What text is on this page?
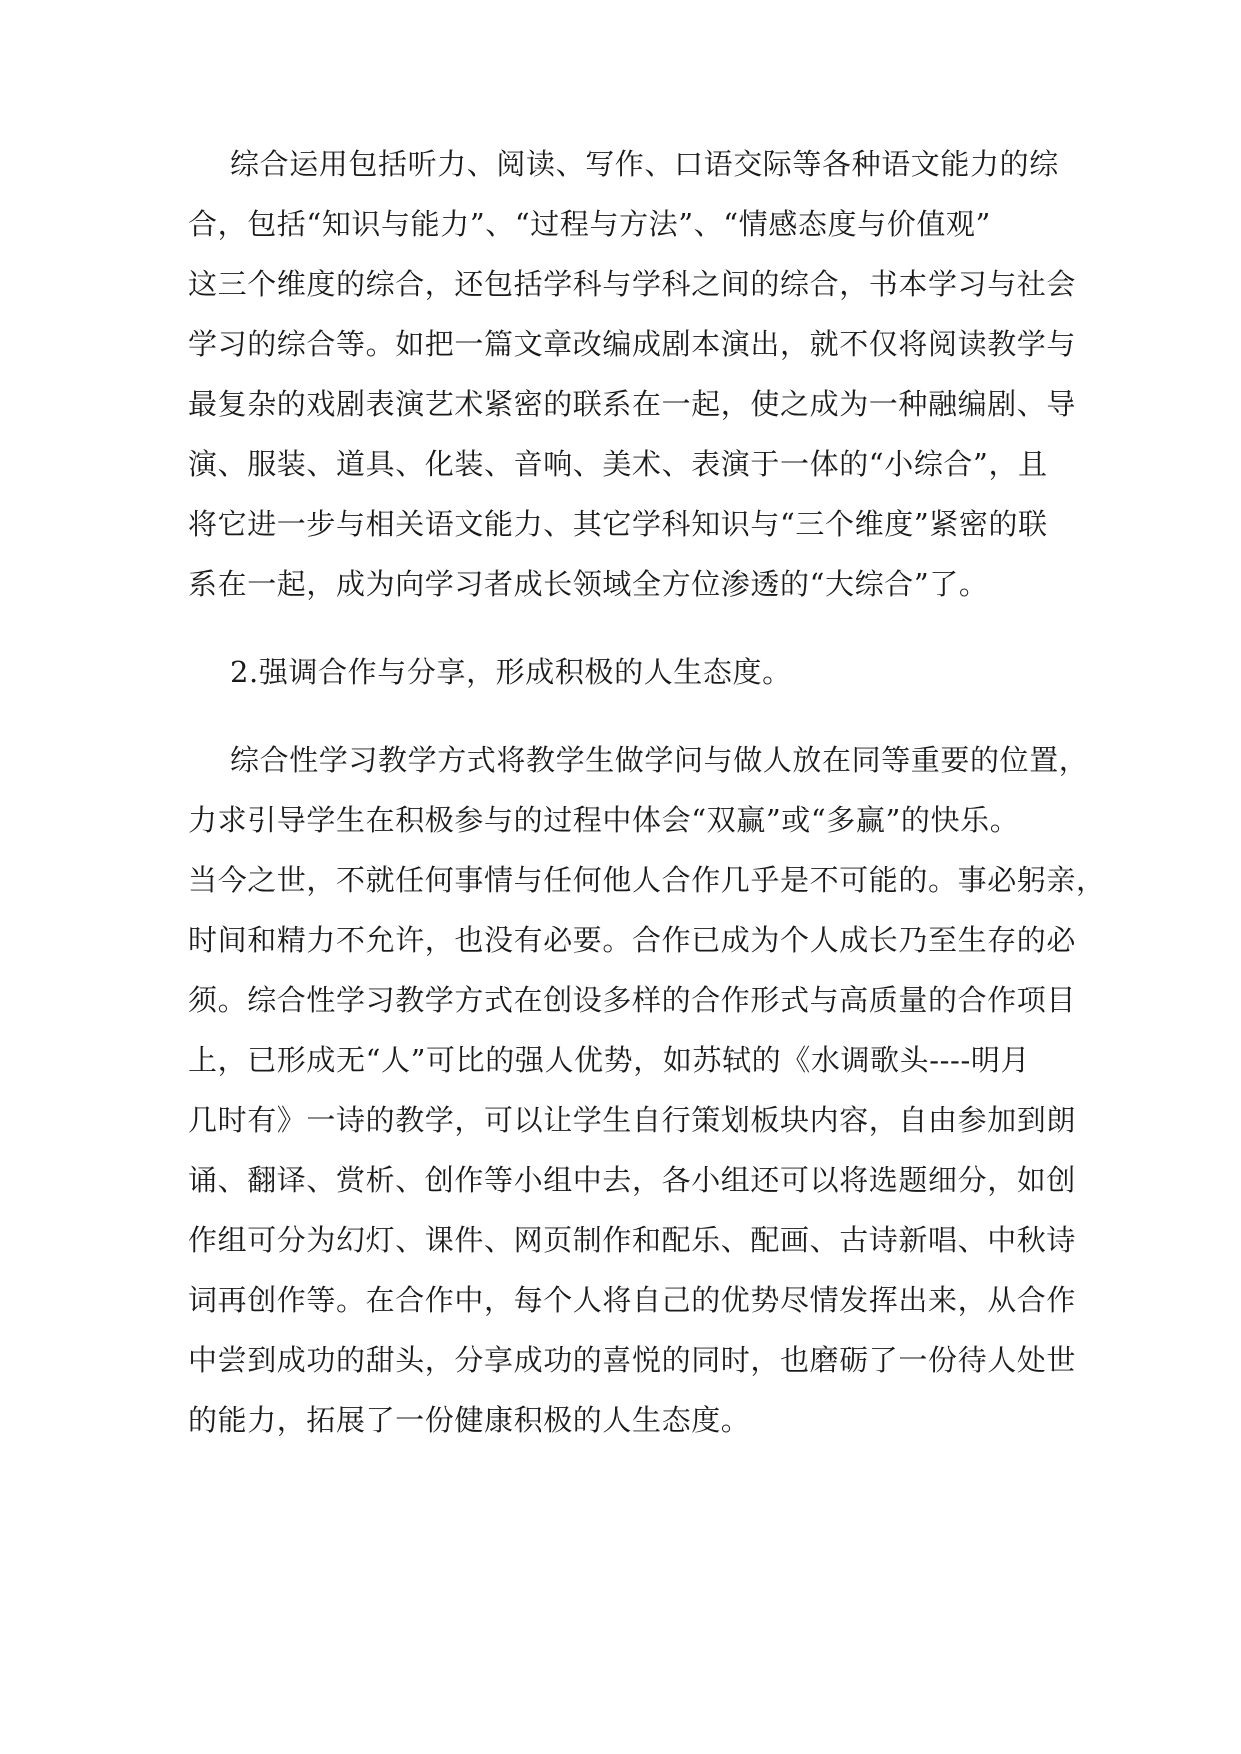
综合运用包括听力、阅读、写作、口语交际等各种语文能力的综
合，包括“知识与能力”、“过程与方法”、“情感态度与价值观”
这三个维度的综合，还包括学科与学科之间的综合，书本学习与社会
学习的综合等。如把一篇文章改编成剧本演出，就不仅将阅读教学与
最复杂的戏剧表演艺术紧密的联系在一起，使之成为一种融编剧、导
演、服装、道具、化装、音响、美术、表演于一体的“小综合”，且
将它进一步与相关语文能力、其它学科知识与“三个维度”紧密的联
系在一起，成为向学习者成长领域全方位渗透的“大综合”了。
2.强调合作与分享，形成积极的人生态度。
综合性学习教学方式将教学生做学问与做人放在同等重要的位置，
力求引导学生在积极参与的过程中体会“双赢”或“多赢”的快乐。
当今之世，不就任何事情与任何他人合作几乎是不可能的。事必躬亲，
时间和精力不允许，也没有必要。合作已成为个人成长乃至生存的必
须。综合性学习教学方式在创设多样的合作形式与高质量的合作项目
上，已形成无“人”可比的强人优势，如苏轼的《水调歌头----明月
几时有》一诗的教学，可以让学生自行策划板块内容，自由参加到朗
诵、翻译、赏析、创作等小组中去，各小组还可以将选题细分，如创
作组可分为幻灯、课件、网页制作和配乐、配画、古诗新唱、中秋诗
词再创作等。在合作中，每个人将自己的优势尽情发挥出来，从合作
中尝到成功的甜头，分享成功的喜悦的同时，也磨砺了一份待人处世
的能力，拓展了一份健康积极的人生态度。
